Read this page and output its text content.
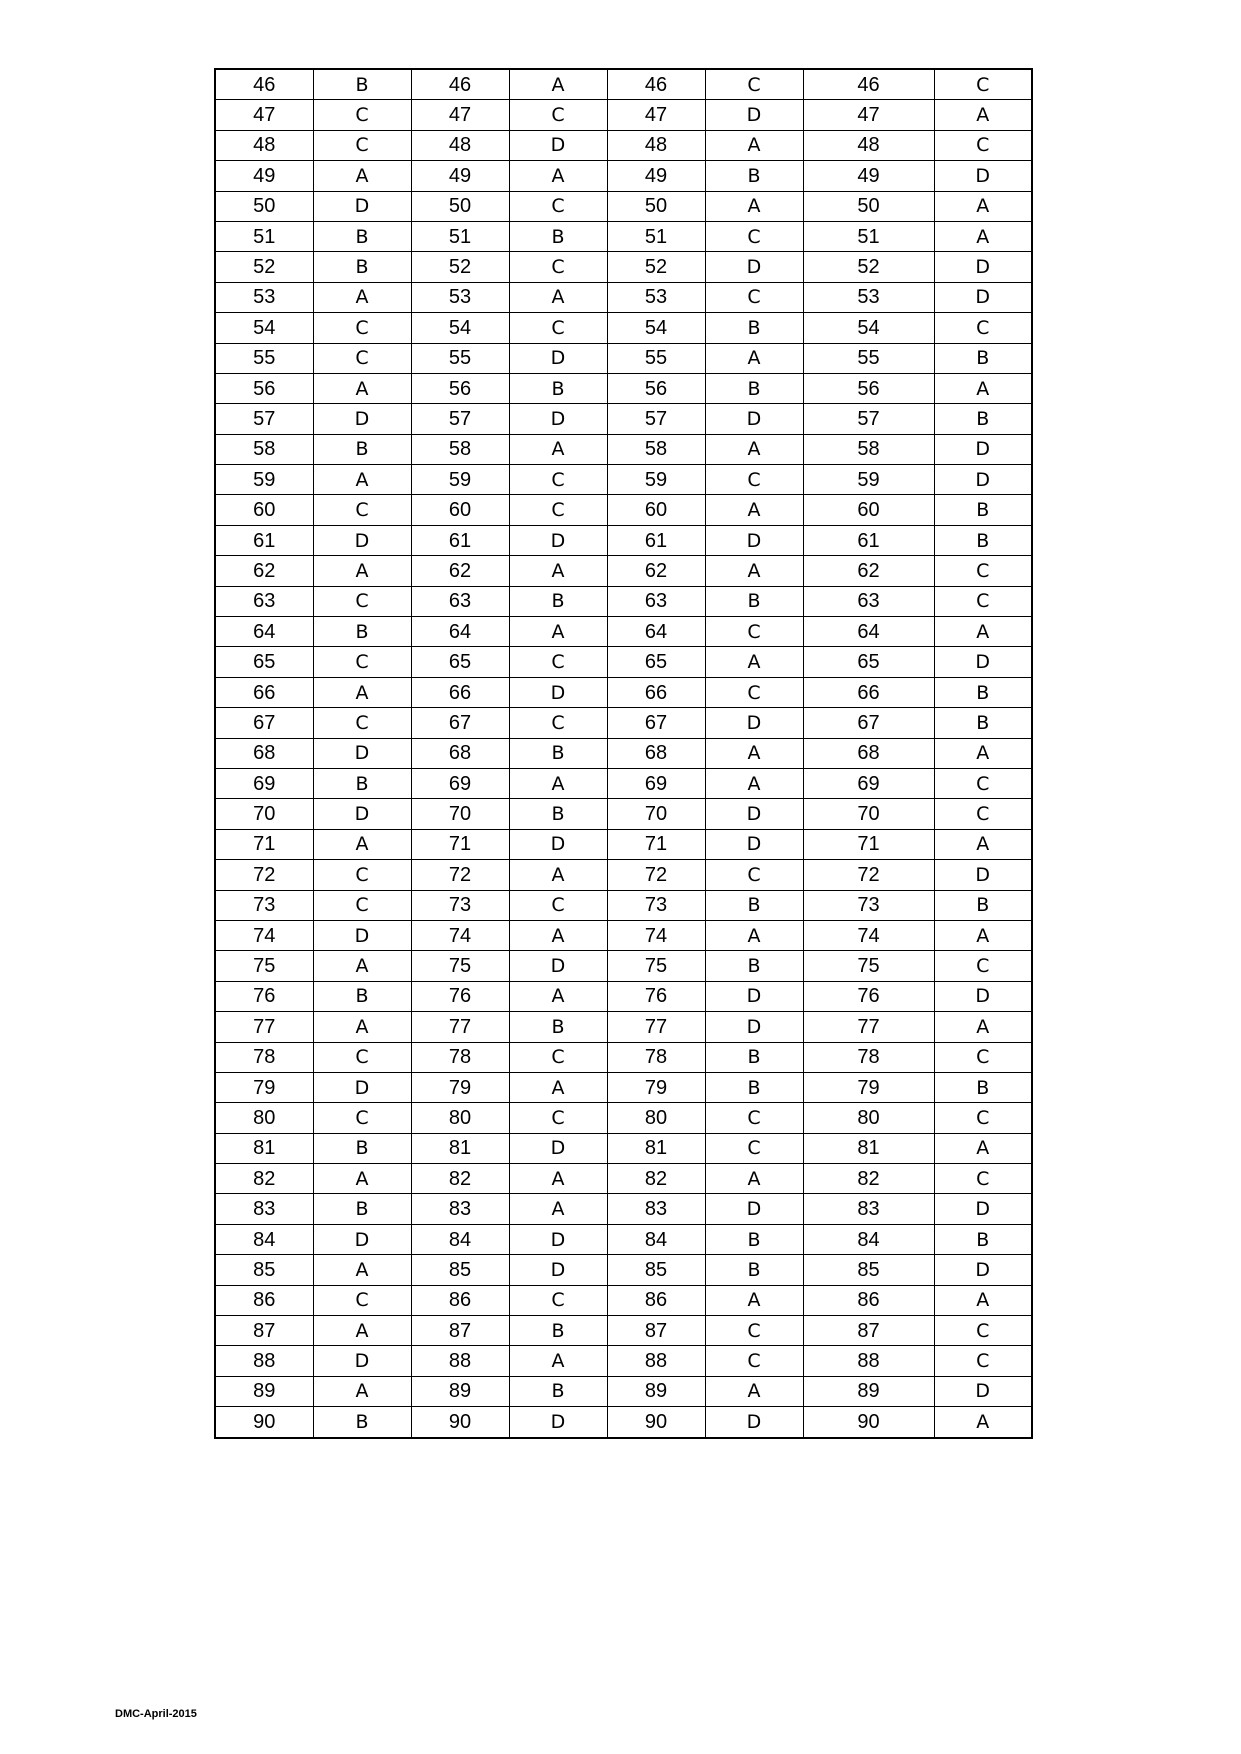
46	B	46	A	46	C	46	C
47	C	47	C	47	D	47	A
48	C	48	D	48	A	48	C
49	A	49	A	49	B	49	D
50	D	50	C	50	A	50	A
51	B	51	B	51	C	51	A
52	B	52	C	52	D	52	D
53	A	53	A	53	C	53	D
54	C	54	C	54	B	54	C
55	C	55	D	55	A	55	B
56	A	56	B	56	B	56	A
57	D	57	D	57	D	57	B
58	B	58	A	58	A	58	D
59	A	59	C	59	C	59	D
60	C	60	C	60	A	60	B
61	D	61	D	61	D	61	B
62	A	62	A	62	A	62	C
63	C	63	B	63	B	63	C
64	B	64	A	64	C	64	A
65	C	65	C	65	A	65	D
66	A	66	D	66	C	66	B
67	C	67	C	67	D	67	B
68	D	68	B	68	A	68	A
69	B	69	A	69	A	69	C
70	D	70	B	70	D	70	C
71	A	71	D	71	D	71	A
72	C	72	A	72	C	72	D
73	C	73	C	73	B	73	B
74	D	74	A	74	A	74	A
75	A	75	D	75	B	75	C
76	B	76	A	76	D	76	D
77	A	77	B	77	D	77	A
78	C	78	C	78	B	78	C
79	D	79	A	79	B	79	B
80	C	80	C	80	C	80	C
81	B	81	D	81	C	81	A
82	A	82	A	82	A	82	C
83	B	83	A	83	D	83	D
84	D	84	D	84	B	84	B
85	A	85	D	85	B	85	D
86	C	86	C	86	A	86	A
87	A	87	B	87	C	87	C
88	D	88	A	88	C	88	C
89	A	89	B	89	A	89	D
90	B	90	D	90	D	90	A
DMC-April-2015
